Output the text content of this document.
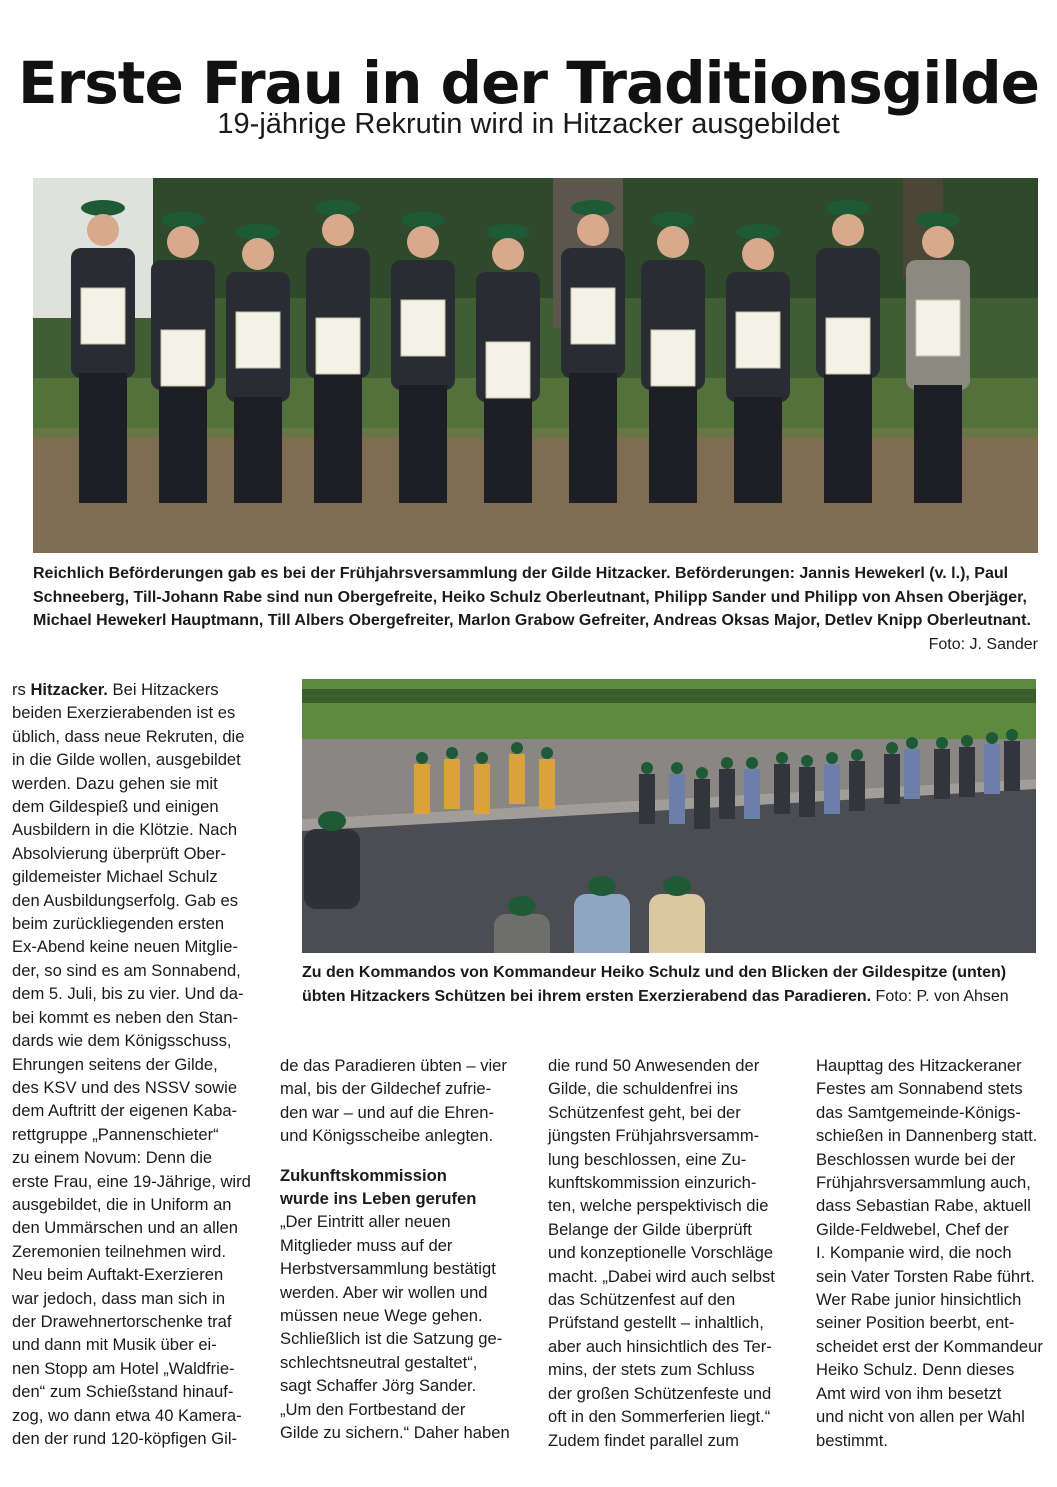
Erste Frau in der Traditionsgilde
19-jährige Rekrutin wird in Hitzacker ausgebildet
Reichlich Beförderungen gab es bei der Frühjahrsversammlung der Gilde Hitzacker. Beförderungen: Jannis Hewekerl (v. l.), Paul Schneeberg, Till-Johann Rabe sind nun Obergefreite, Heiko Schulz Oberleutnant, Philipp Sander und Philipp von Ahsen Oberjäger, Michael Hewekerl Hauptmann, Till Albers Obergefreiter, Marlon Grabow Gefreiter, Andreas Oksas Major, Detlev Knipp Oberleutnant.
Foto: J. Sander
Zu den Kommandos von Kommandeur Heiko Schulz und den Blicken der Gildespitze (unten) übten Hitzackers Schützen bei ihrem ersten Exerzierabend das Paradieren. Foto: P. von Ahsen
rs Hitzacker. Bei Hitzackers
beiden Exerzierabenden ist es
üblich, dass neue Rekruten, die
in die Gilde wollen, ausgebildet
werden. Dazu gehen sie mit
dem Gildespieß und einigen
Ausbildern in die Klötzie. Nach
Absolvierung überprüft Ober-
gildemeister Michael Schulz
den Ausbildungserfolg. Gab es
beim zurückliegenden ersten
Ex-Abend keine neuen Mitglie-
der, so sind es am Sonnabend,
dem 5. Juli, bis zu vier. Und da-
bei kommt es neben den Stan-
dards wie dem Königsschuss,
Ehrungen seitens der Gilde,
des KSV und des NSSV sowie
dem Auftritt der eigenen Kaba-
rettgruppe „Pannenschieter“
zu einem Novum: Denn die
erste Frau, eine 19-Jährige, wird
ausgebildet, die in Uniform an
den Ummärschen und an allen
Zeremonien teilnehmen wird.
Neu beim Auftakt-Exerzieren
war jedoch, dass man sich in
der Drawehnertorschenke traf
und dann mit Musik über ei-
nen Stopp am Hotel „Waldfrie-
den“ zum Schießstand hinauf-
zog, wo dann etwa 40 Kamera-
den der rund 120-köpfigen Gil-
de das Paradieren übten – vier
mal, bis der Gildechef zufrie-
den war – und auf die Ehren-
und Königsscheibe anlegten.

Zukunftskommission
wurde ins Leben gerufen

„Der Eintritt aller neuen
Mitglieder muss auf der
Herbstversammlung bestätigt
werden. Aber wir wollen und
müssen neue Wege gehen.
Schließlich ist die Satzung ge-
schlechtsneutral gestaltet“,
sagt Schaffer Jörg Sander.
„Um den Fortbestand der
Gilde zu sichern.“ Daher haben
die rund 50 Anwesenden der
Gilde, die schuldenfrei ins
Schützenfest geht, bei der
jüngsten Frühjahrsversamm-
lung beschlossen, eine Zu-
kunftskommission einzurich-
ten, welche perspektivisch die
Belange der Gilde überprüft
und konzeptionelle Vorschläge
macht. „Dabei wird auch selbst
das Schützenfest auf den
Prüfstand gestellt – inhaltlich,
aber auch hinsichtlich des Ter-
mins, der stets zum Schluss
der großen Schützenfeste und
oft in den Sommerferien liegt.“
Zudem findet parallel zum
Haupttag des Hitzackeraner
Festes am Sonnabend stets
das Samtgemeinde-Königs-
schießen in Dannenberg statt.
Beschlossen wurde bei der
Frühjahrsversammlung auch,
dass Sebastian Rabe, aktuell
Gilde-Feldwebel, Chef der
I. Kompanie wird, die noch
sein Vater Torsten Rabe führt.
Wer Rabe junior hinsichtlich
seiner Position beerbt, ent-
scheidet erst der Kommandeur
Heiko Schulz. Denn dieses
Amt wird von ihm besetzt
und nicht von allen per Wahl
bestimmt.
